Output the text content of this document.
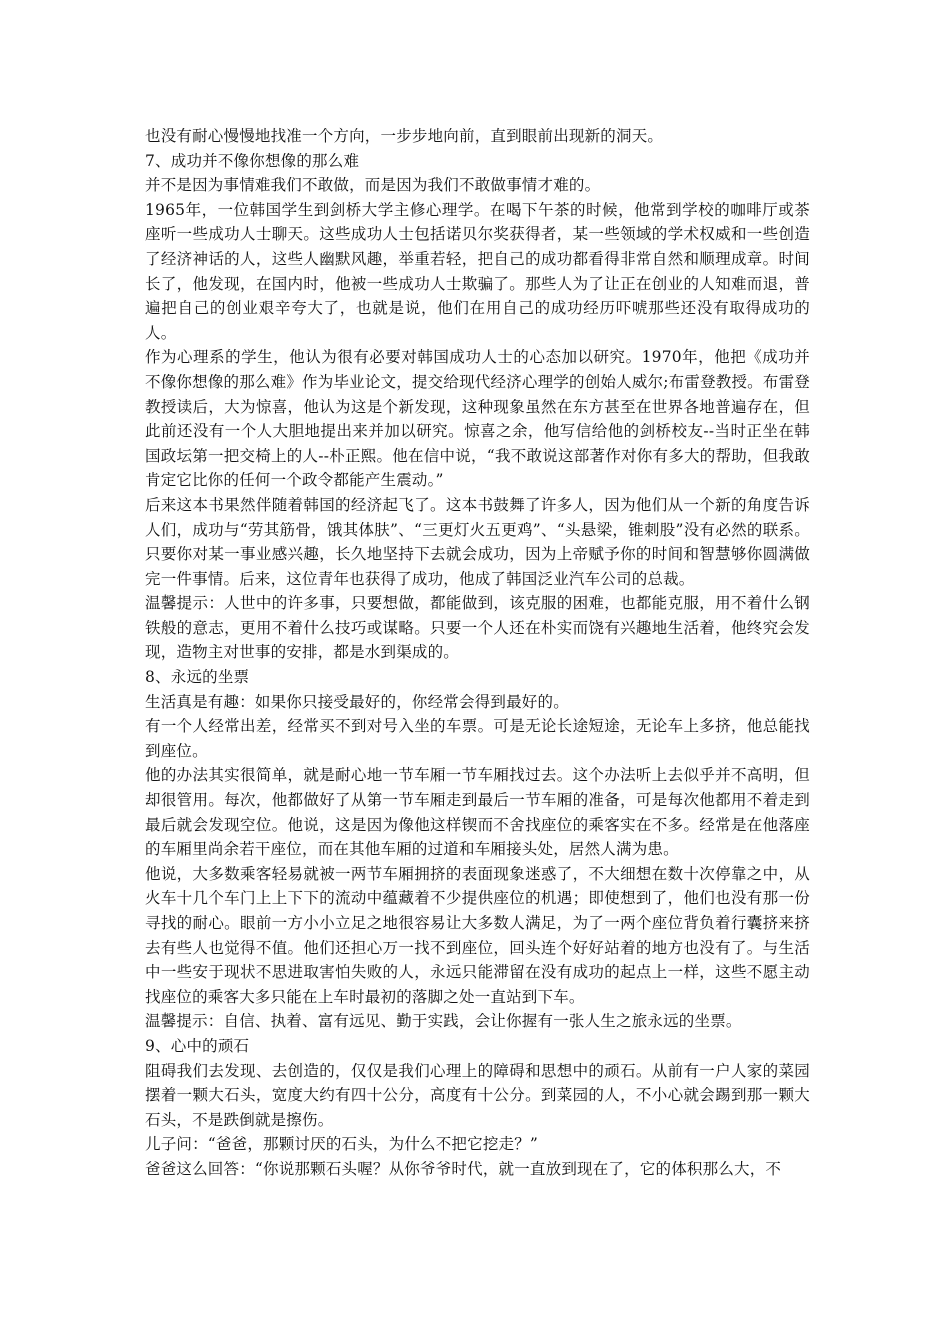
也没有耐心慢慢地找准一个方向，一步步地向前，直到眼前出现新的洞天。

7、成功并不像你想像的那么难

并不是因为事情难我们不敢做，而是因为我们不敢做事情才难的。

1965年，一位韩国学生到剑桥大学主修心理学。在喝下午茶的时候，他常到学校的咖啡厅或茶座听一些成功人士聊天。这些成功人士包括诺贝尔奖获得者，某一些领域的学术权威和一些创造了经济神话的人，这些人幽默风趣，举重若轻，把自己的成功都看得非常自然和顺理成章。时间长了，他发现，在国内时，他被一些成功人士欺骗了。那些人为了让正在创业的人知难而退，普遍把自己的创业艰辛夸大了，也就是说，他们在用自己的成功经历吓唬那些还没有取得成功的人。

作为心理系的学生，他认为很有必要对韩国成功人士的心态加以研究。1970年，他把《成功并不像你想像的那么难》作为毕业论文，提交给现代经济心理学的创始人威尔;布雷登教授。布雷登教授读后，大为惊喜，他认为这是个新发现，这种现象虽然在东方甚至在世界各地普遍存在，但此前还没有一个人大胆地提出来并加以研究。惊喜之余，他写信给他的剑桥校友--当时正坐在韩国政坛第一把交椅上的人--朴正熙。他在信中说，“我不敢说这部著作对你有多大的帮助，但我敢肯定它比你的任何一个政令都能产生震动。”

后来这本书果然伴随着韩国的经济起飞了。这本书鼓舞了许多人，因为他们从一个新的角度告诉人们，成功与“劳其筋骨，饿其体肤”、“三更灯火五更鸡”、“头悬梁，锥刺股”没有必然的联系。只要你对某一事业感兴趣，长久地坚持下去就会成功，因为上帝赋予你的时间和智慧够你圆满做完一件事情。后来，这位青年也获得了成功，他成了韩国泛业汽车公司的总裁。

温馨提示：人世中的许多事，只要想做，都能做到，该克服的困难，也都能克服，用不着什么钢铁般的意志，更用不着什么技巧或谋略。只要一个人还在朴实而饶有兴趣地生活着，他终究会发现，造物主对世事的安排，都是水到渠成的。

8、永远的坐票

生活真是有趣：如果你只接受最好的，你经常会得到最好的。

有一个人经常出差，经常买不到对号入坐的车票。可是无论长途短途，无论车上多挤，他总能找到座位。

他的办法其实很简单，就是耐心地一节车厢一节车厢找过去。这个办法听上去似乎并不高明，但却很管用。每次，他都做好了从第一节车厢走到最后一节车厢的准备，可是每次他都用不着走到最后就会发现空位。他说，这是因为像他这样锲而不舍找座位的乘客实在不多。经常是在他落座的车厢里尚余若干座位，而在其他车厢的过道和车厢接头处，居然人满为患。

他说，大多数乘客轻易就被一两节车厢拥挤的表面现象迷惑了，不大细想在数十次停靠之中，从火车十几个车门上上下下的流动中蕴藏着不少提供座位的机遇；即使想到了，他们也没有那一份寻找的耐心。眼前一方小小立足之地很容易让大多数人满足，为了一两个座位背负着行囊挤来挤去有些人也觉得不值。他们还担心万一找不到座位，回头连个好好站着的地方也没有了。与生活中一些安于现状不思进取害怕失败的人，永远只能滞留在没有成功的起点上一样，这些不愿主动找座位的乘客大多只能在上车时最初的落脚之处一直站到下车。

温馨提示：自信、执着、富有远见、勤于实践，会让你握有一张人生之旅永远的坐票。

9、心中的顽石

阻碍我们去发现、去创造的，仅仅是我们心理上的障碍和思想中的顽石。从前有一户人家的菜园摆着一颗大石头，宽度大约有四十公分，高度有十公分。到菜园的人，不小心就会踢到那一颗大石头，不是跌倒就是擦伤。

儿子问：“爸爸，那颗讨厌的石头，为什么不把它挖走？”

爸爸这么回答：“你说那颗石头喔？从你爷爷时代，就一直放到现在了，它的体积那么大，不
